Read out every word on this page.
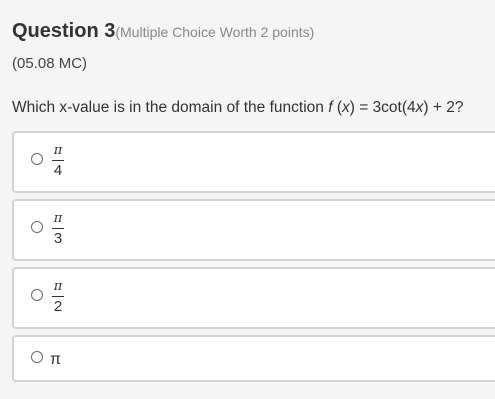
Question 3(Multiple Choice Worth 2 points)
(05.08 MC)
Which x-value is in the domain of the function f (x) = 3cot(4x) + 2?
π
4
π
3
π
2
π
